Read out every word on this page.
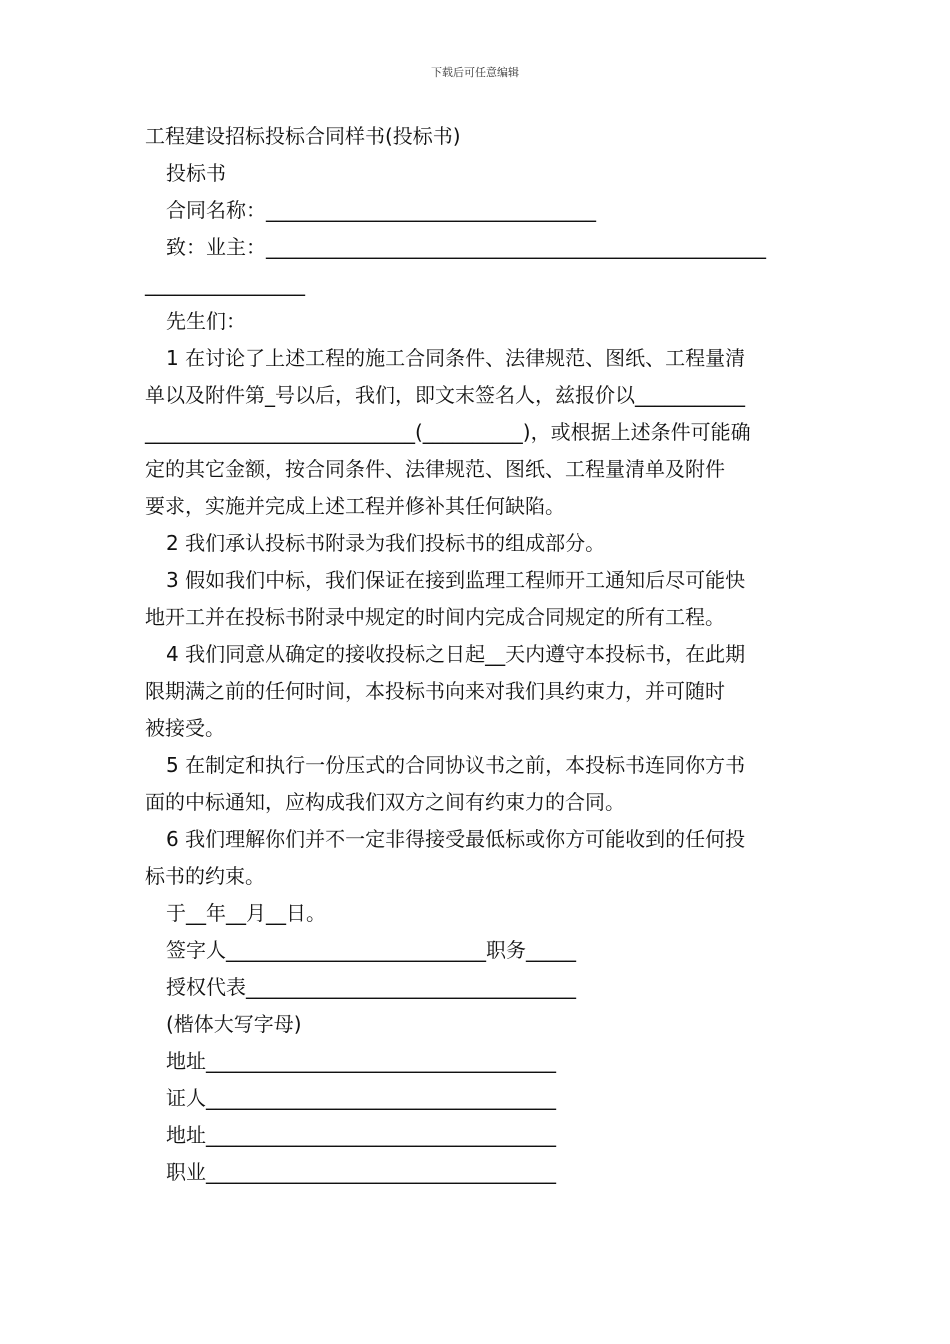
下载后可任意编辑

工程建设招标投标合同样书(投标书)

投标书

合同名称：_________________________________

致：业主：__________________________________________________

________________

先生们：

1 在讨论了上述工程的施工合同条件、法律规范、图纸、工程量清

单以及附件第_号以后，我们，即文末签名人，兹报价以___________

___________________________(__________)，或根据上述条件可能确

定的其它金额，按合同条件、法律规范、图纸、工程量清单及附件

要求，实施并完成上述工程并修补其任何缺陷。

2 我们承认投标书附录为我们投标书的组成部分。

3 假如我们中标，我们保证在接到监理工程师开工通知后尽可能快

地开工并在投标书附录中规定的时间内完成合同规定的所有工程。

4 我们同意从确定的接收投标之日起__天内遵守本投标书，在此期

限期满之前的任何时间，本投标书向来对我们具约束力，并可随时

被接受。

5 在制定和执行一份压式的合同协议书之前，本投标书连同你方书

面的中标通知，应构成我们双方之间有约束力的合同。

6 我们理解你们并不一定非得接受最低标或你方可能收到的任何投

标书的约束。

于__年__月__日。

签字人__________________________职务_____

授权代表_________________________________

(楷体大写字母)

地址___________________________________

证人___________________________________

地址___________________________________

职业___________________________________
